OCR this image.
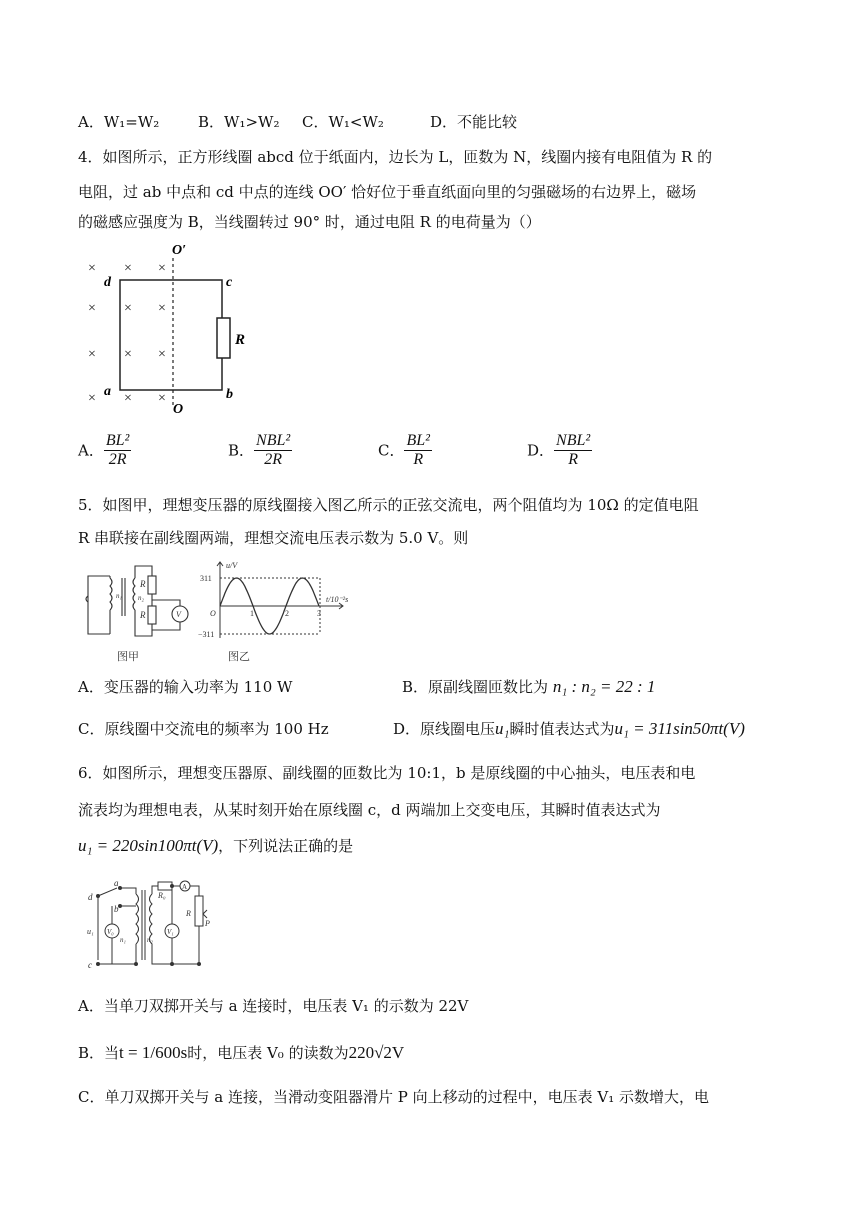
A．W₁=W₂	B．W₁>W₂ C．W₁<W₂	D．不能比较
4．如图所示，正方形线圈 abcd 位于纸面内，边长为 L，匝数为 N，线圈内接有电阻值为 R 的
电阻，过 ab 中点和 cd 中点的连线 OO′ 恰好位于垂直纸面向里的匀强磁场的右边界上，磁场
的磁感应强度为 B，当线圈转过 90° 时，通过电阻 R 的电荷量为（）
× × ×
×	×
×
× × ×
× × ×
O′
O
d	c
a	b
R
A． $\frac{\text{BL²}}{2R}$	B． $\frac{\text{NBL²}}{2R}$	C． $\frac{\text{BL²}}{R}$	D． $\frac{\text{NBL²}}{R}$
5．如图甲，理想变压器的原线圈接入图乙所示的正弦交流电，两个阻值均为 10Ω 的定值电阻
R 串联接在副线圈两端，理想交流电压表示数为 5.0 V。则
n₁ n₂
R
R	V
图甲
u/V
t/10⁻²s
311
−311
O	1	2	3
图乙
A．变压器的输入功率为 110 W	B．原副线圈匝数比为 n₁ : n₂ = 22 : 1
C．原线圈中交流电的频率为 100 Hz	D．原线圈电压u₁瞬时值表达式为u₁ = 311sin50πt(V)
6．如图所示，理想变压器原、副线圈的匝数比为 10:1，b 是原线圈的中心抽头，电压表和电
流表均为理想电表，从某时刻开始在原线圈 c，d 两端加上交变电压，其瞬时值表达式为
u₁ = 220sin100πt(V)，下列说法正确的是
d
c
a
b
u₁
n₁	n₂
R₀
R
P
V₀	V₁
A
A．当单刀双掷开关与 a 连接时，电压表 V₁ 的示数为 22V
B．当t = 1/600s时，电压表 V₀ 的读数为220√2V
C．单刀双掷开关与 a 连接，当滑动变阻器滑片 P 向上移动的过程中，电压表 V₁ 示数增大，电
